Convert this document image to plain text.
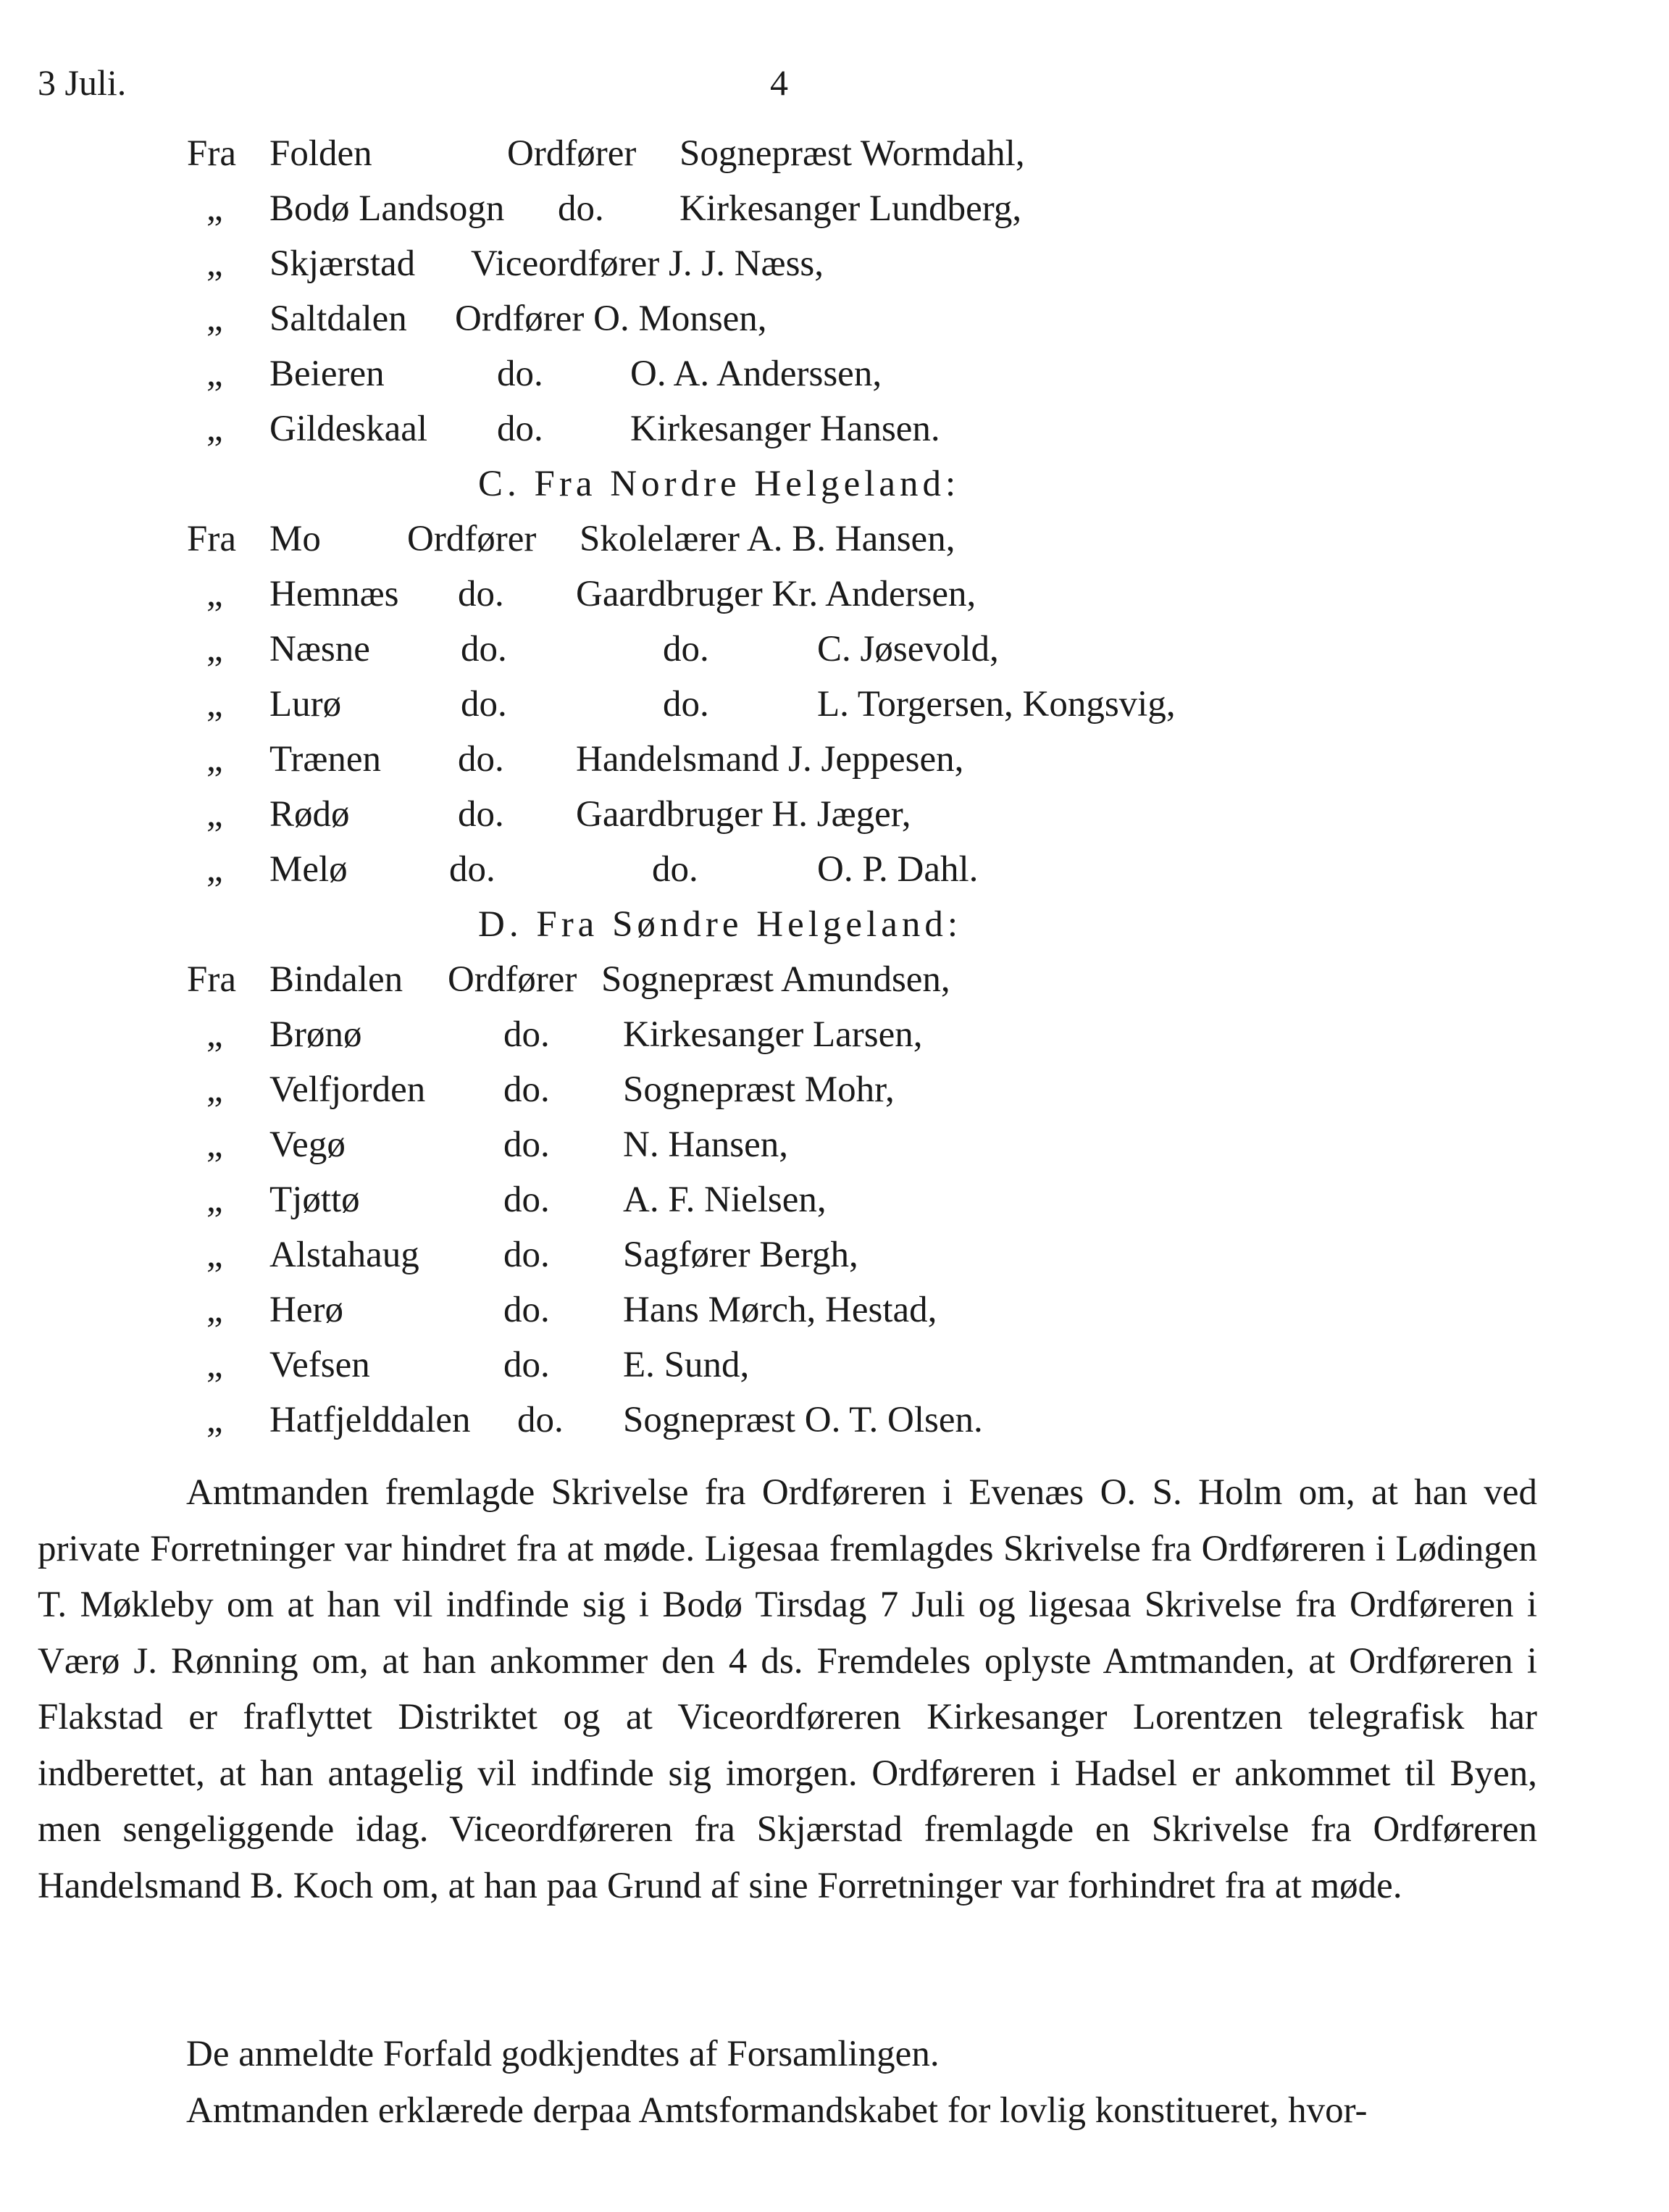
3 Juli.	4
Fra Folden	Ordfører Sognepræst Wormdahl,
„ Bodø Landsogn do. Kirkesanger Lundberg,
„ Skjærstad Viceordfører J. J. Næss,
„ Saltdalen Ordfører O. Monsen,
„ Beieren	do. O. A. Anderssen,
„ Gildeskaal do. Kirkesanger Hansen.
C. Fra Nordre Helgeland:
Fra Mo Ordfører Skolelærer A. B. Hansen,
„ Hemnæs do. Gaardbruger Kr. Andersen,
„ Næsne do.	do.	C. Jøsevold,
„ Lurø	do.	do.	L. Torgersen, Kongsvig,
„ Trænen do. Handelsmand J. Jeppesen,
„ Rødø	do. Gaardbruger H. Jæger,
„ Melø	do.	do.	O. P. Dahl.
D. Fra Søndre Helgeland:
Fra Bindalen Ordfører Sognepræst Amundsen,
„ Brønø	do. Kirkesanger Larsen,
„ Velfjorden do. Sognepræst Mohr,
„ Vegø	do. N. Hansen,
„ Tjøttø	do. A. F. Nielsen,
„ Alstahaug do. Sagfører Bergh,
„ Herø	do. Hans Mørch, Hestad,
„ Vefsen	do. E. Sund,
„ Hatfjelddalen do. Sognepræst O. T. Olsen.
Amtmanden fremlagde Skrivelse fra Ordføreren i Evenæs O. S. Holm om, at han ved private Forretninger var hindret fra at møde. Ligesaa fremlagdes Skrivelse fra Ordføreren i Lødingen T. Møkleby om at han vil indfinde sig i Bodø Tirsdag 7 Juli og ligesaa Skrivelse fra Ordføreren i Værø J. Rønning om, at han ankommer den 4 ds. Fremdeles oplyste Amtmanden, at Ordføreren i Flakstad er fraflyttet Distriktet og at Viceordføreren Kirkesanger Lorentzen telegrafisk har indberettet, at han antagelig vil indfinde sig imorgen. Ordføreren i Hadsel er ankommet til Byen, men sengeliggende idag. Viceordføreren fra Skjærstad fremlagde en Skrivelse fra Ordføreren Handelsmand B. Koch om, at han paa Grund af sine Forretninger var forhindret fra at møde.
De anmeldte Forfald godkjendtes af Forsamlingen.
Amtmanden erklærede derpaa Amtsformandskabet for lovlig konstitueret, hvor-
